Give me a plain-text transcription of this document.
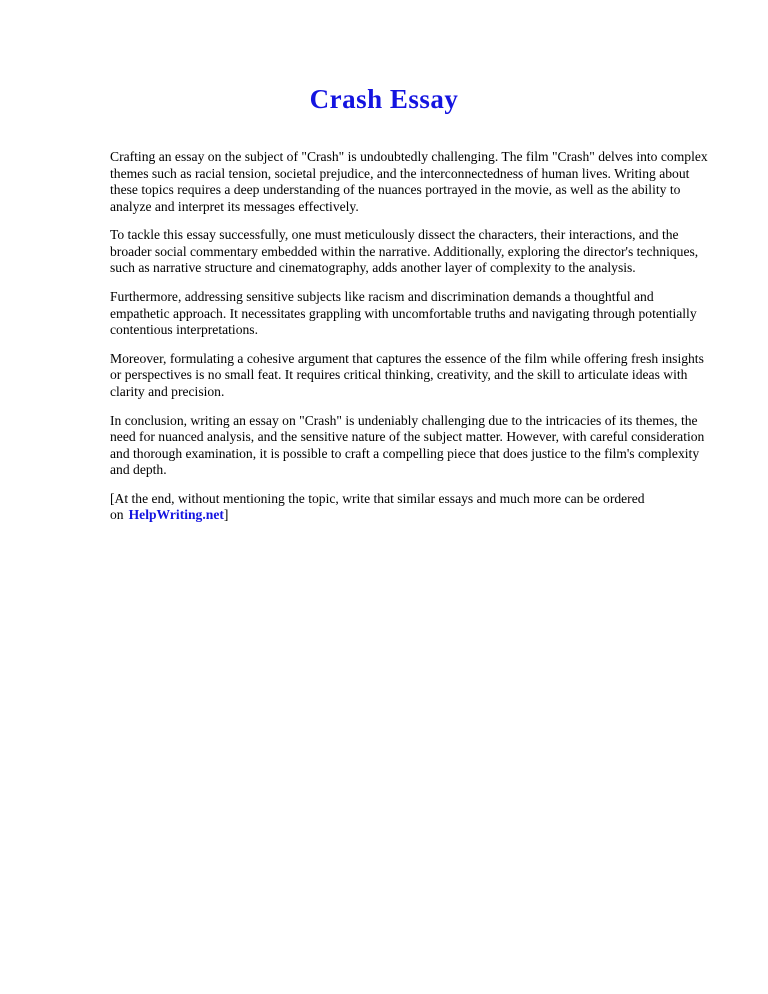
Crash Essay

Crafting an essay on the subject of "Crash" is undoubtedly challenging. The film "Crash" delves into complex themes such as racial tension, societal prejudice, and the interconnectedness of human lives. Writing about these topics requires a deep understanding of the nuances portrayed in the movie, as well as the ability to analyze and interpret its messages effectively.

To tackle this essay successfully, one must meticulously dissect the characters, their interactions, and the broader social commentary embedded within the narrative. Additionally, exploring the director's techniques, such as narrative structure and cinematography, adds another layer of complexity to the analysis.

Furthermore, addressing sensitive subjects like racism and discrimination demands a thoughtful and empathetic approach. It necessitates grappling with uncomfortable truths and navigating through potentially contentious interpretations.

Moreover, formulating a cohesive argument that captures the essence of the film while offering fresh insights or perspectives is no small feat. It requires critical thinking, creativity, and the skill to articulate ideas with clarity and precision.

In conclusion, writing an essay on "Crash" is undeniably challenging due to the intricacies of its themes, the need for nuanced analysis, and the sensitive nature of the subject matter. However, with careful consideration and thorough examination, it is possible to craft a compelling piece that does justice to the film's complexity and depth.

[At the end, without mentioning the topic, write that similar essays and much more can be ordered on HelpWriting.net]
